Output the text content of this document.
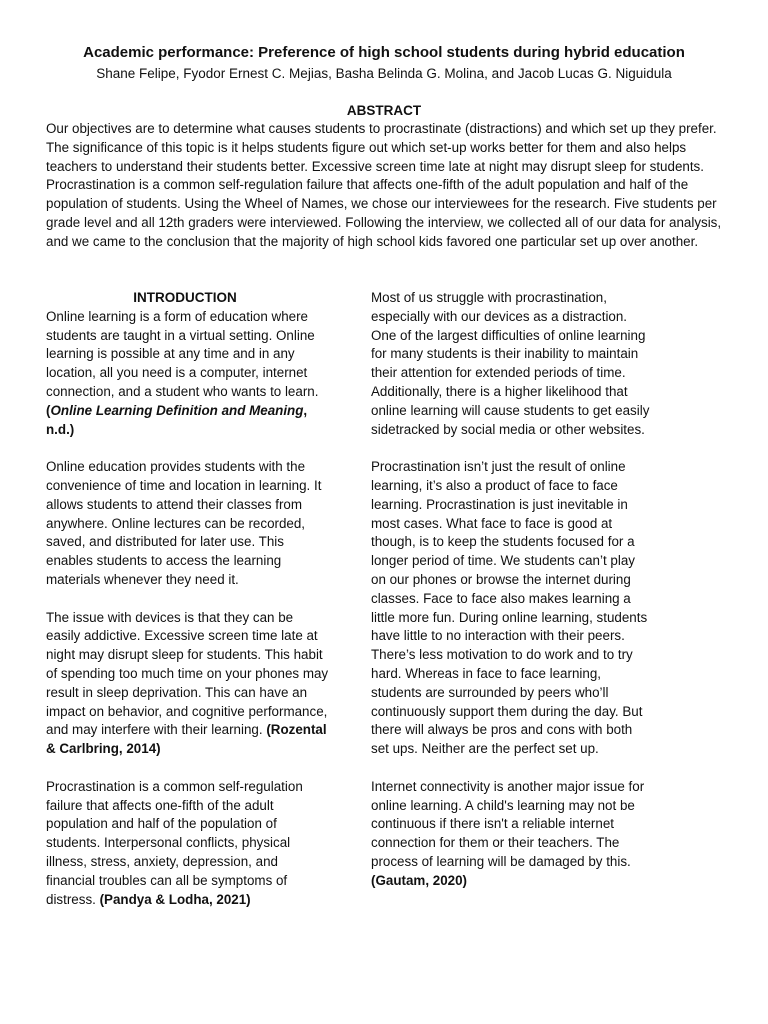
Academic performance: Preference of high school students during hybrid education
Shane Felipe, Fyodor Ernest C. Mejias, Basha Belinda G. Molina, and Jacob Lucas G. Niguidula
ABSTRACT

Our objectives are to determine what causes students to procrastinate (distractions) and which set up they prefer. The significance of this topic is it helps students figure out which set-up works better for them and also helps teachers to understand their students better. Excessive screen time late at night may disrupt sleep for students. Procrastination is a common self-regulation failure that affects one-fifth of the adult population and half of the population of students. Using the Wheel of Names, we chose our interviewees for the research. Five students per grade level and all 12th graders were interviewed. Following the interview, we collected all of our data for analysis, and we came to the conclusion that the majority of high school kids favored one particular set up over another.

INTRODUCTION

Online learning is a form of education where students are taught in a virtual setting. Online learning is possible at any time and in any location, all you need is a computer, internet connection, and a student who wants to learn. (Online Learning Definition and Meaning, n.d.)

Online education provides students with the convenience of time and location in learning. It allows students to attend their classes from anywhere. Online lectures can be recorded, saved, and distributed for later use. This enables students to access the learning materials whenever they need it.

The issue with devices is that they can be easily addictive. Excessive screen time late at night may disrupt sleep for students. This habit of spending too much time on your phones may result in sleep deprivation. This can have an impact on behavior, and cognitive performance, and may interfere with their learning. (Rozental & Carlbring, 2014)

Procrastination is a common self-regulation failure that affects one-fifth of the adult population and half of the population of students. Interpersonal conflicts, physical illness, stress, anxiety, depression, and financial troubles can all be symptoms of distress. (Pandya & Lodha, 2021)

Most of us struggle with procrastination, especially with our devices as a distraction. One of the largest difficulties of online learning for many students is their inability to maintain their attention for extended periods of time. Additionally, there is a higher likelihood that online learning will cause students to get easily sidetracked by social media or other websites.

Procrastination isn’t just the result of online learning, it’s also a product of face to face learning. Procrastination is just inevitable in most cases. What face to face is good at though, is to keep the students focused for a longer period of time. We students can’t play on our phones or browse the internet during classes. Face to face also makes learning a little more fun. During online learning, students have little to no interaction with their peers. There’s less motivation to do work and to try hard. Whereas in face to face learning, students are surrounded by peers who’ll continuously support them during the day. But there will always be pros and cons with both set ups. Neither are the perfect set up.

Internet connectivity is another major issue for online learning. A child's learning may not be continuous if there isn't a reliable internet connection for them or their teachers. The process of learning will be damaged by this. (Gautam, 2020)
